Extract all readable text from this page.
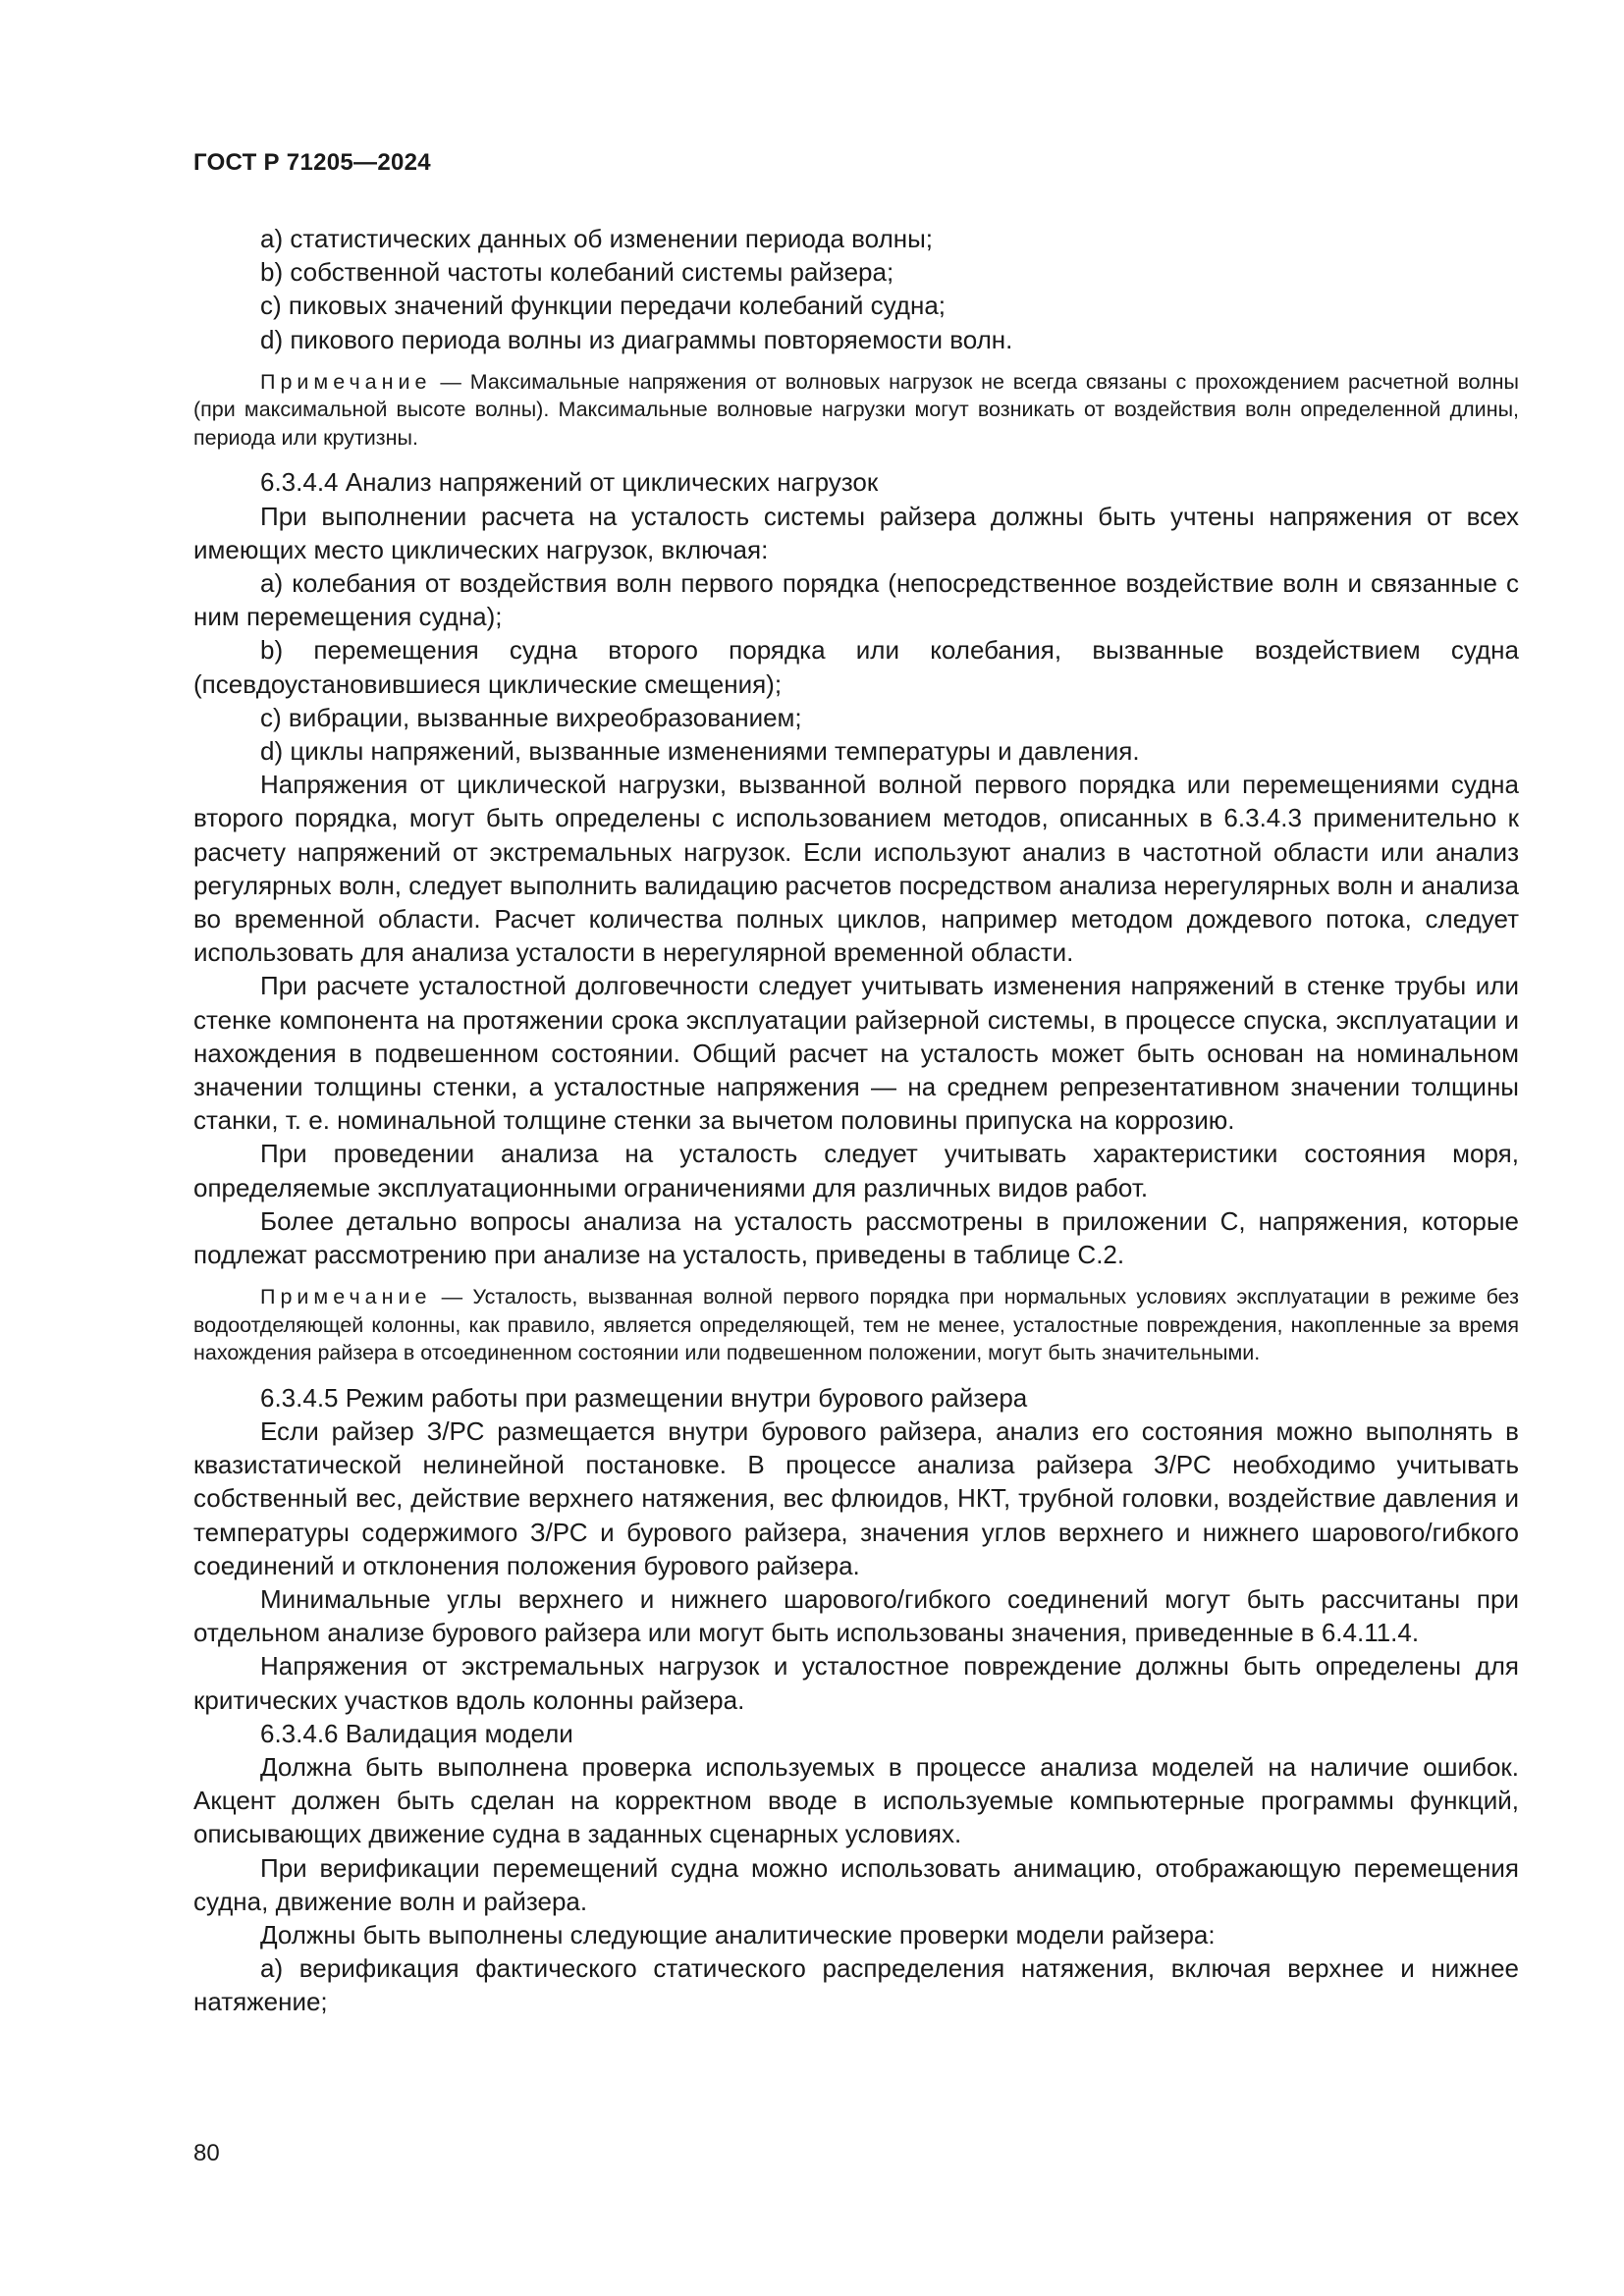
ГОСТ Р 71205—2024

a) статистических данных об изменении периода волны;

b) собственной частоты колебаний системы райзера;

c) пиковых значений функции передачи колебаний судна;

d) пикового периода волны из диаграммы повторяемости волн.

Примечание — Максимальные напряжения от волновых нагрузок не всегда связаны с прохождением расчетной волны (при максимальной высоте волны). Максимальные волновые нагрузки могут возникать от воздействия волн определенной длины, периода или крутизны.

6.3.4.4 Анализ напряжений от циклических нагрузок

При выполнении расчета на усталость системы райзера должны быть учтены напряжения от всех имеющих место циклических нагрузок, включая:

a) колебания от воздействия волн первого порядка (непосредственное воздействие волн и связанные с ним перемещения судна);

b) перемещения судна второго порядка или колебания, вызванные воздействием судна (псевдоустановившиеся циклические смещения);

c) вибрации, вызванные вихреобразованием;

d) циклы напряжений, вызванные изменениями температуры и давления.

Напряжения от циклической нагрузки, вызванной волной первого порядка или перемещениями судна второго порядка, могут быть определены с использованием методов, описанных в 6.3.4.3 применительно к расчету напряжений от экстремальных нагрузок. Если используют анализ в частотной области или анализ регулярных волн, следует выполнить валидацию расчетов посредством анализа нерегулярных волн и анализа во временной области. Расчет количества полных циклов, например методом дождевого потока, следует использовать для анализа усталости в нерегулярной временной области.

При расчете усталостной долговечности следует учитывать изменения напряжений в стенке трубы или стенке компонента на протяжении срока эксплуатации райзерной системы, в процессе спуска, эксплуатации и нахождения в подвешенном состоянии. Общий расчет на усталость может быть основан на номинальном значении толщины стенки, а усталостные напряжения — на среднем репрезентативном значении толщины станки, т. е. номинальной толщине стенки за вычетом половины припуска на коррозию.

При проведении анализа на усталость следует учитывать характеристики состояния моря, определяемые эксплуатационными ограничениями для различных видов работ.

Более детально вопросы анализа на усталость рассмотрены в приложении С, напряжения, которые подлежат рассмотрению при анализе на усталость, приведены в таблице С.2.

Примечание — Усталость, вызванная волной первого порядка при нормальных условиях эксплуатации в режиме без водоотделяющей колонны, как правило, является определяющей, тем не менее, усталостные повреждения, накопленные за время нахождения райзера в отсоединенном состоянии или подвешенном положении, могут быть значительными.

6.3.4.5 Режим работы при размещении внутри бурового райзера

Если райзер З/РС размещается внутри бурового райзера, анализ его состояния можно выполнять в квазистатической нелинейной постановке. В процессе анализа райзера З/РС необходимо учитывать собственный вес, действие верхнего натяжения, вес флюидов, НКТ, трубной головки, воздействие давления и температуры содержимого З/РС и бурового райзера, значения углов верхнего и нижнего шарового/гибкого соединений и отклонения положения бурового райзера.

Минимальные углы верхнего и нижнего шарового/гибкого соединений могут быть рассчитаны при отдельном анализе бурового райзера или могут быть использованы значения, приведенные в 6.4.11.4.

Напряжения от экстремальных нагрузок и усталостное повреждение должны быть определены для критических участков вдоль колонны райзера.

6.3.4.6 Валидация модели

Должна быть выполнена проверка используемых в процессе анализа моделей на наличие ошибок. Акцент должен быть сделан на корректном вводе в используемые компьютерные программы функций, описывающих движение судна в заданных сценарных условиях.

При верификации перемещений судна можно использовать анимацию, отображающую перемещения судна, движение волн и райзера.

Должны быть выполнены следующие аналитические проверки модели райзера:

a) верификация фактического статического распределения натяжения, включая верхнее и нижнее натяжение;

80
